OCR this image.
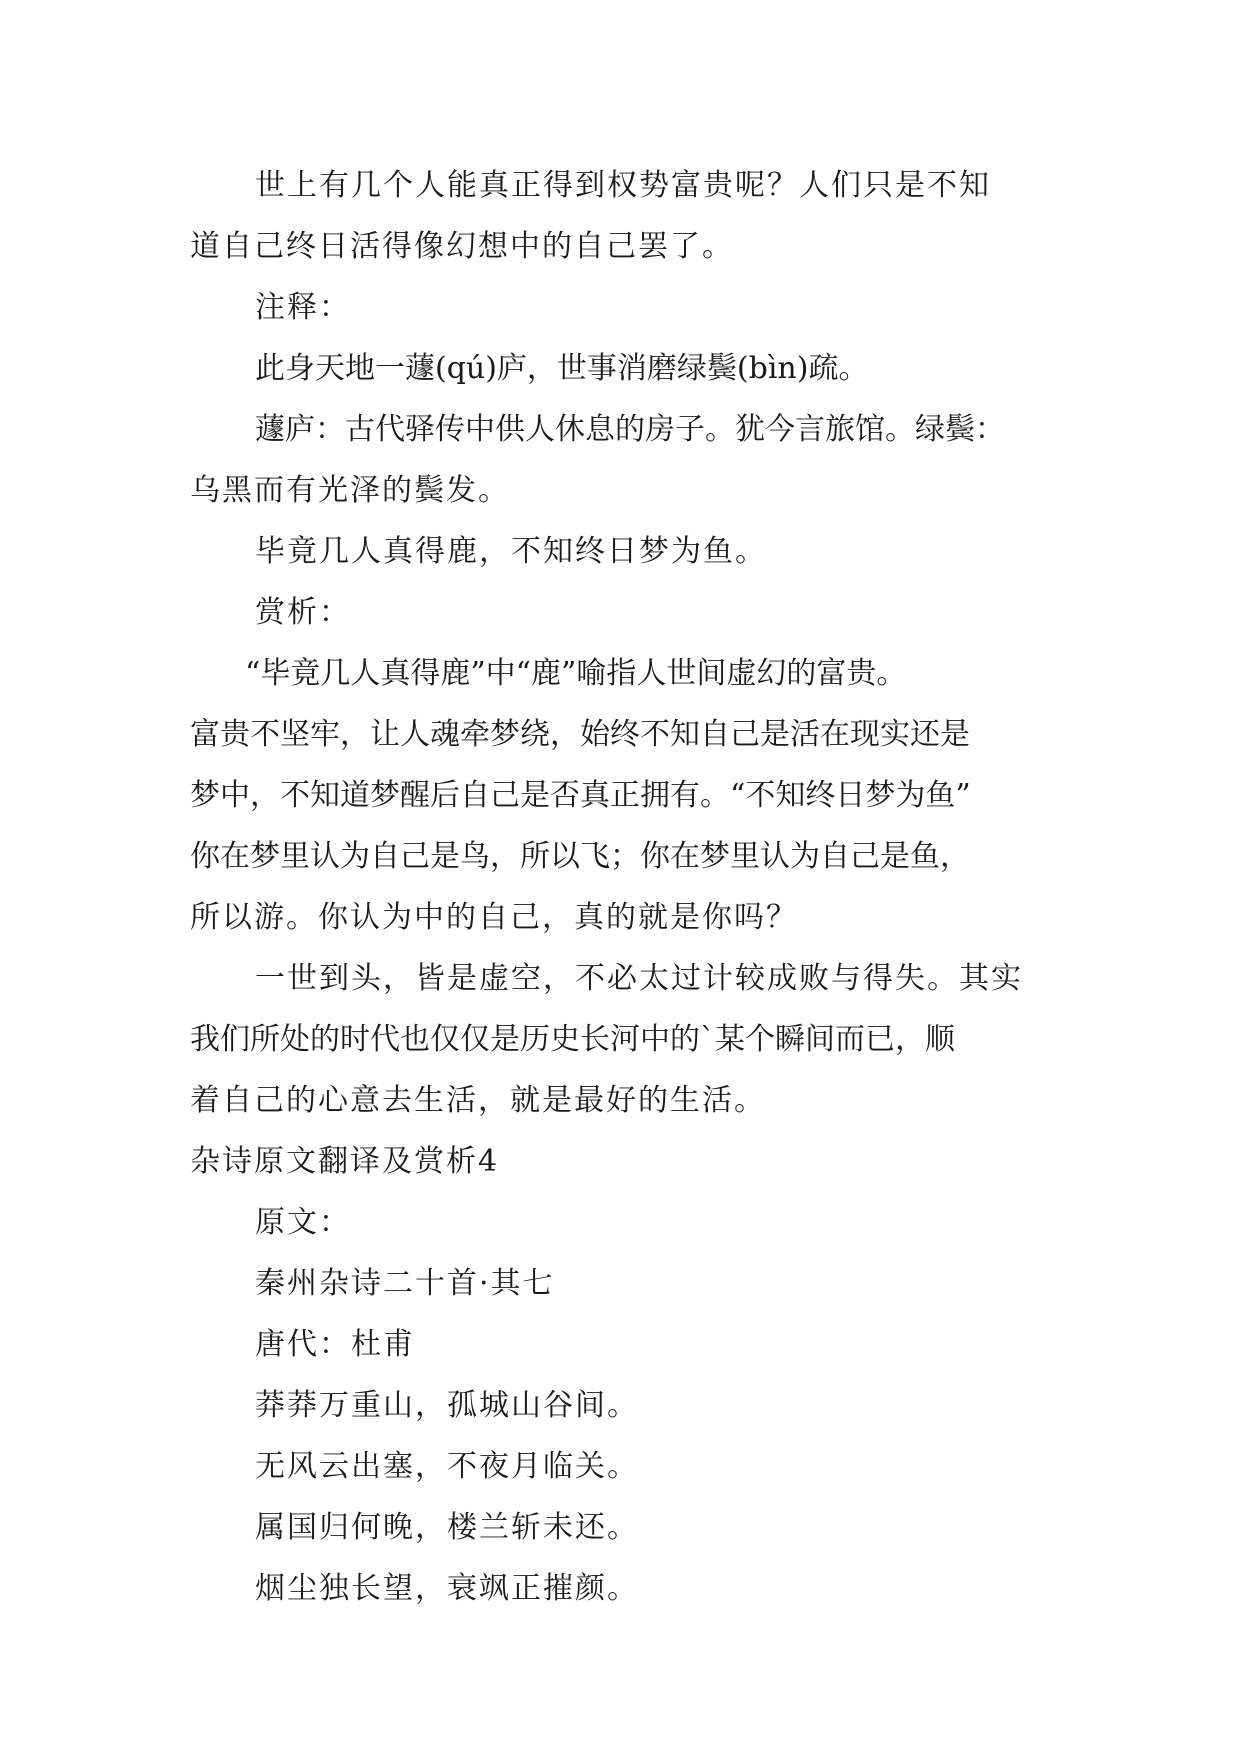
世上有几个人能真正得到权势富贵呢？人们只是不知
道自己终日活得像幻想中的自己罢了。
注释：
此身天地一蘧(qú)庐，世事消磨绿鬓(bìn)疏。
蘧庐：古代驿传中供人休息的房子。犹今言旅馆。绿鬓：
乌黑而有光泽的鬓发。
毕竟几人真得鹿，不知终日梦为鱼。
赏析：
“毕竟几人真得鹿”中“鹿”喻指人世间虚幻的富贵。
富贵不坚牢，让人魂牵梦绕，始终不知自己是活在现实还是
梦中，不知道梦醒后自己是否真正拥有。“不知终日梦为鱼”
你在梦里认为自己是鸟，所以飞；你在梦里认为自己是鱼，
所以游。你认为中的自己，真的就是你吗？
一世到头，皆是虚空，不必太过计较成败与得失。其实
我们所处的时代也仅仅是历史长河中的`某个瞬间而已，顺
着自己的心意去生活，就是最好的生活。
杂诗原文翻译及赏析4
原文：
秦州杂诗二十首·其七
唐代：杜甫
莽莽万重山，孤城山谷间。
无风云出塞，不夜月临关。
属国归何晚，楼兰斩未还。
烟尘独长望，衰飒正摧颜。
